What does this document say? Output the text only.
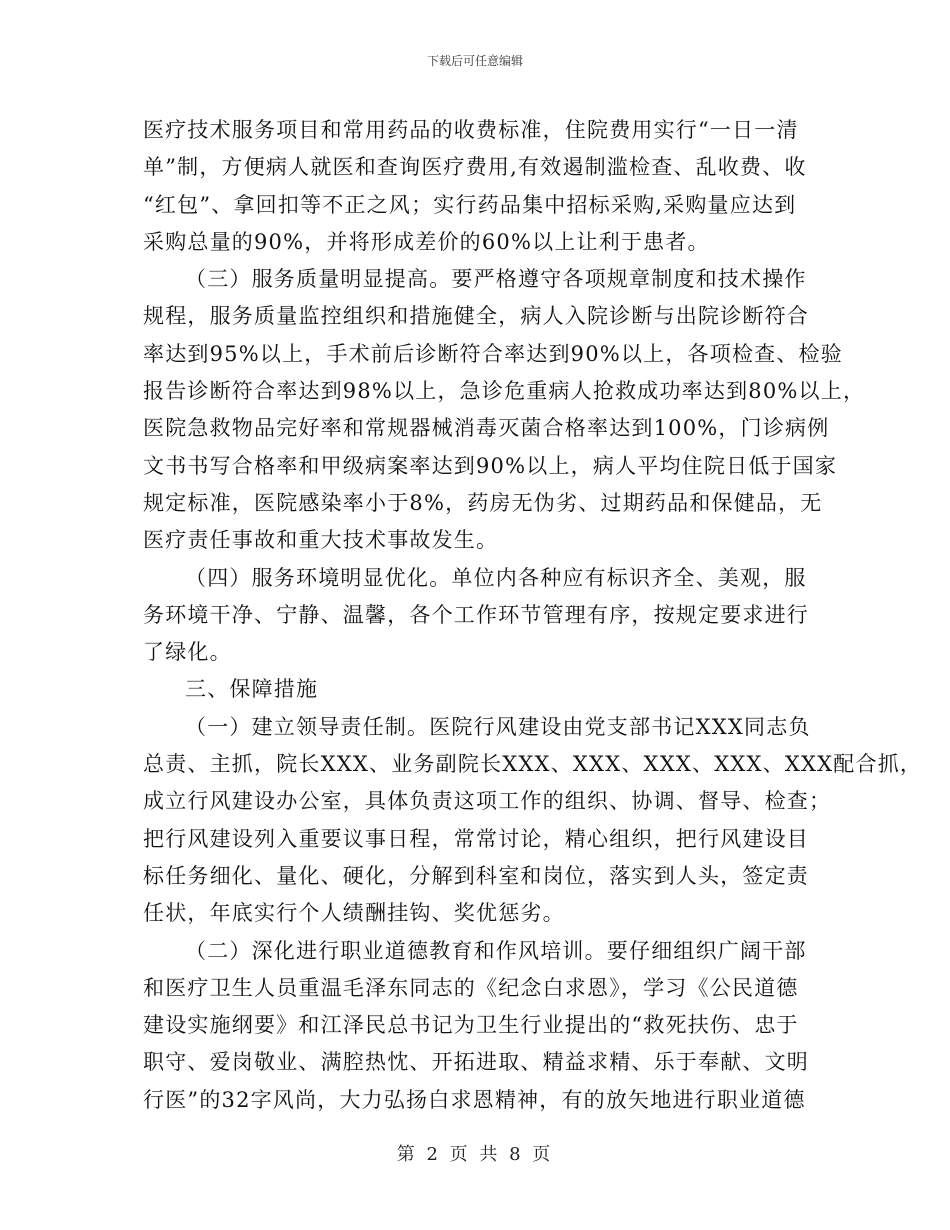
下载后可任意编辑
医疗技术服务项目和常用药品的收费标准，住院费用实行“一日一清
单”制，方便病人就医和查询医疗费用,有效遏制滥检查、乱收费、收
“红包”、拿回扣等不正之风；实行药品集中招标采购,采购量应达到
采购总量的90%，并将形成差价的60%以上让利于患者。
（三）服务质量明显提高。要严格遵守各项规章制度和技术操作
规程，服务质量监控组织和措施健全，病人入院诊断与出院诊断符合
率达到95%以上，手术前后诊断符合率达到90%以上，各项检查、检验
报告诊断符合率达到98%以上，急诊危重病人抢救成功率达到80%以上，
医院急救物品完好率和常规器械消毒灭菌合格率达到100%，门诊病例
文书书写合格率和甲级病案率达到90%以上，病人平均住院日低于国家
规定标准，医院感染率小于8%，药房无伪劣、过期药品和保健品，无
医疗责任事故和重大技术事故发生。
（四）服务环境明显优化。单位内各种应有标识齐全、美观，服
务环境干净、宁静、温馨，各个工作环节管理有序，按规定要求进行
了绿化。
三、保障措施
（一）建立领导责任制。医院行风建设由党支部书记XXX同志负
总责、主抓，院长XXX、业务副院长XXX、XXX、XXX、XXX、XXX配合抓，
成立行风建设办公室，具体负责这项工作的组织、协调、督导、检查；
把行风建设列入重要议事日程，常常讨论，精心组织，把行风建设目
标任务细化、量化、硬化，分解到科室和岗位，落实到人头，签定责
任状，年底实行个人绩酬挂钩、奖优惩劣。
（二）深化进行职业道德教育和作风培训。要仔细组织广阔干部
和医疗卫生人员重温毛泽东同志的《纪念白求恩》，学习《公民道德
建设实施纲要》和江泽民总书记为卫生行业提出的“救死扶伤、忠于
职守、爱岗敬业、满腔热忱、开拓进取、精益求精、乐于奉献、文明
行医”的32字风尚，大力弘扬白求恩精神，有的放矢地进行职业道德
第 2 页 共 8 页
